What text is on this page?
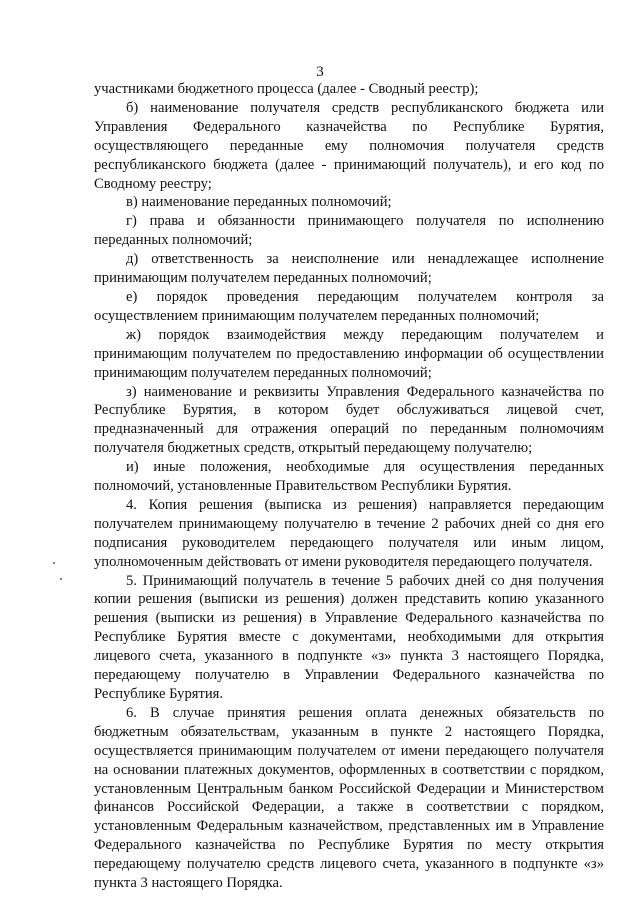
3

участниками бюджетного процесса (далее - Сводный реестр);

б) наименование получателя средств республиканского бюджета или Управления Федерального казначейства по Республике Бурятия, осуществляющего переданные ему полномочия получателя средств республиканского бюджета (далее - принимающий получатель), и его код по Сводному реестру;

в) наименование переданных полномочий;

г) права и обязанности принимающего получателя по исполнению переданных полномочий;

д) ответственность за неисполнение или ненадлежащее исполнение принимающим получателем переданных полномочий;

е) порядок проведения передающим получателем контроля за осуществлением принимающим получателем переданных полномочий;

ж) порядок взаимодействия между передающим получателем и принимающим получателем по предоставлению информации об осуществлении принимающим получателем переданных полномочий;

з) наименование и реквизиты Управления Федерального казначейства по Республике Бурятия, в котором будет обслуживаться лицевой счет, предназначенный для отражения операций по переданным полномочиям получателя бюджетных средств, открытый передающему получателю;

и) иные положения, необходимые для осуществления переданных полномочий, установленные Правительством Республики Бурятия.

4. Копия решения (выписка из решения) направляется передающим получателем принимающему получателю в течение 2 рабочих дней со дня его подписания руководителем передающего получателя или иным лицом, уполномоченным действовать от имени руководителя передающего получателя.

5. Принимающий получатель в течение 5 рабочих дней со дня получения копии решения (выписки из решения) должен представить копию указанного решения (выписки из решения) в Управление Федерального казначейства по Республике Бурятия вместе с документами, необходимыми для открытия лицевого счета, указанного в подпункте «з» пункта 3 настоящего Порядка, передающему получателю в Управлении Федерального казначейства по Республике Бурятия.

6. В случае принятия решения оплата денежных обязательств по бюджетным обязательствам, указанным в пункте 2 настоящего Порядка, осуществляется принимающим получателем от имени передающего получателя на основании платежных документов, оформленных в соответствии с порядком, установленным Центральным банком Российской Федерации и Министерством финансов Российской Федерации, а также в соответствии с порядком, установленным Федеральным казначейством, представленных им в Управление Федерального казначейства по Республике Бурятия по месту открытия передающему получателю средств лицевого счета, указанного в подпункте «з» пункта 3 настоящего Порядка.
